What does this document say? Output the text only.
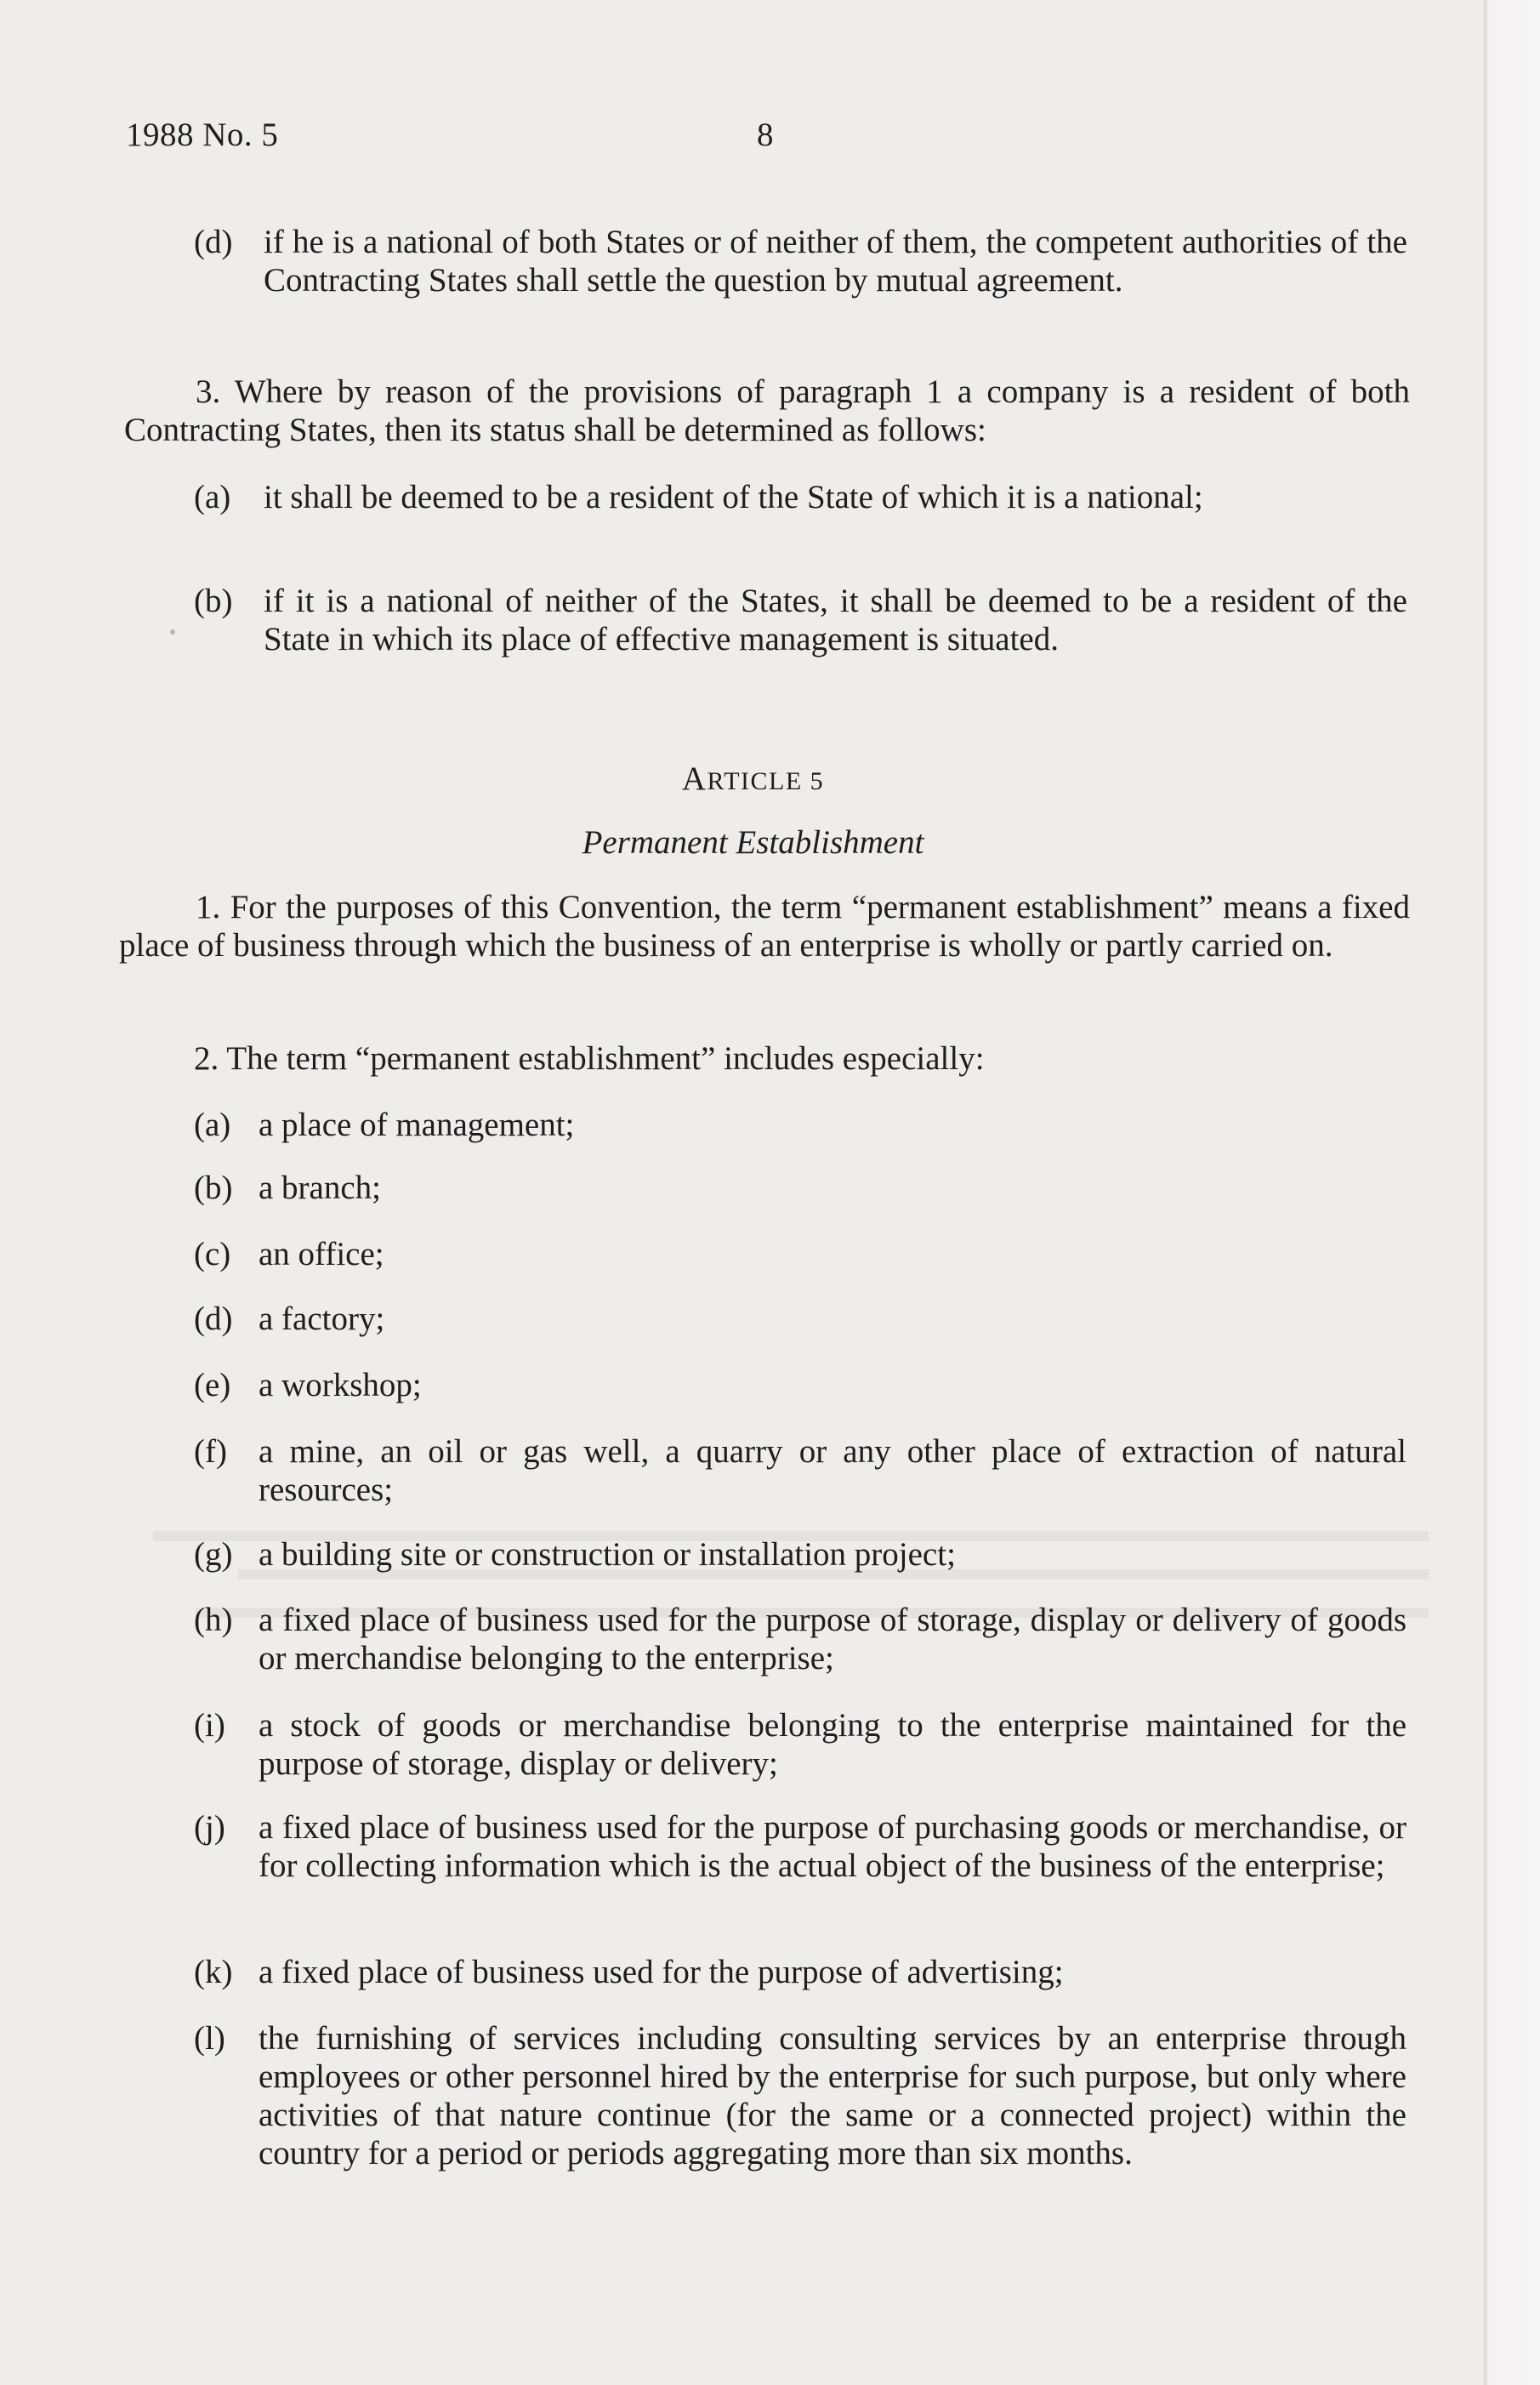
1988 No. 5	8
(d) if he is a national of both States or of neither of them, the competent authorities of the Contracting States shall settle the question by mutual agreement.
3. Where by reason of the provisions of paragraph 1 a company is a resident of both Contracting States, then its status shall be determined as follows:
(a) it shall be deemed to be a resident of the State of which it is a national;
(b) if it is a national of neither of the States, it shall be deemed to be a resident of the State in which its place of effective management is situated.
ARTICLE 5
Permanent Establishment
1. For the purposes of this Convention, the term “permanent establishment” means a fixed place of business through which the business of an enterprise is wholly or partly carried on.
2. The term “permanent establishment” includes especially:
(a) a place of management;
(b) a branch;
(c) an office;
(d) a factory;
(e) a workshop;
(f) a mine, an oil or gas well, a quarry or any other place of extraction of natural resources;
(g) a building site or construction or installation project;
(h) a fixed place of business used for the purpose of storage, display or delivery of goods or merchandise belonging to the enterprise;
(i) a stock of goods or merchandise belonging to the enterprise maintained for the purpose of storage, display or delivery;
(j) a fixed place of business used for the purpose of purchasing goods or merchandise, or for collecting information which is the actual object of the business of the enterprise;
(k) a fixed place of business used for the purpose of advertising;
(l) the furnishing of services including consulting services by an enterprise through employees or other personnel hired by the enterprise for such purpose, but only where activities of that nature continue (for the same or a connected project) within the country for a period or periods aggregating more than six months.
